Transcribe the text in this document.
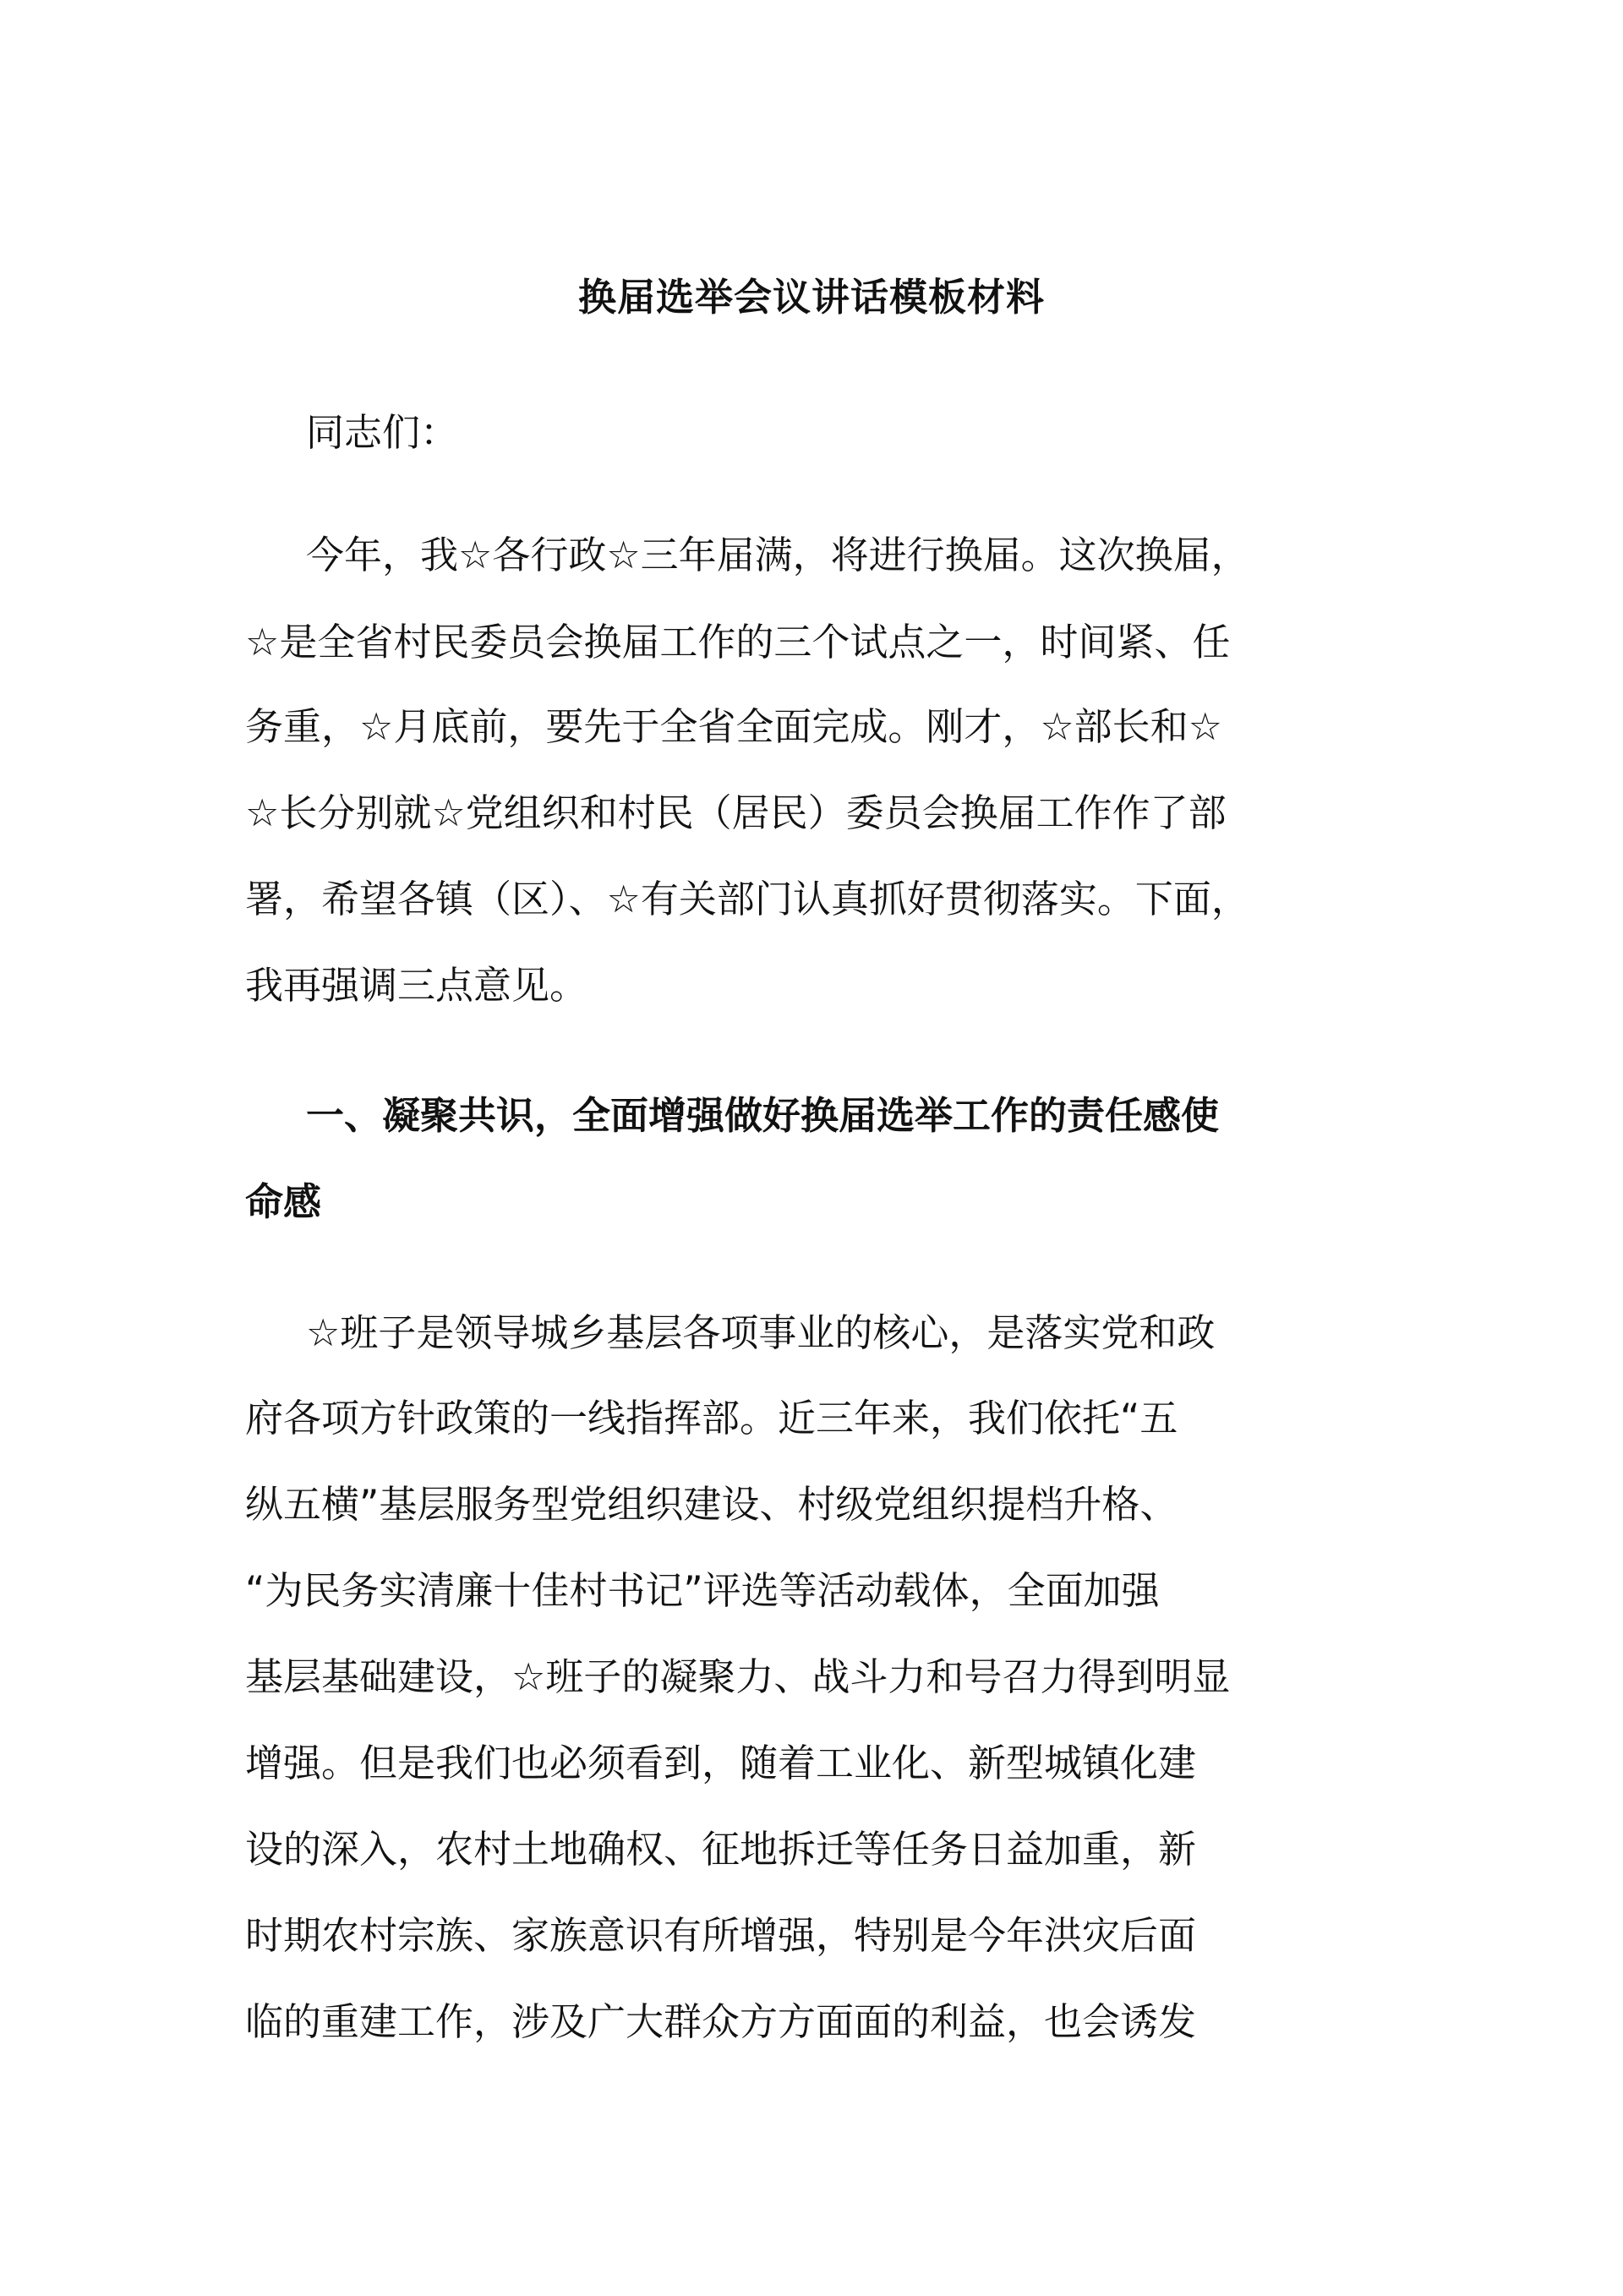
换届选举会议讲话模板材料

同志们：

今年，我☆各行政☆三年届满，将进行换届。这次换届，
☆是全省村民委员会换届工作的三个试点之一，时间紧、任
务重，☆月底前，要先于全省全面完成。刚才，☆部长和☆
☆长分别就☆党组织和村民（居民）委员会换届工作作了部
署，希望各镇（区）、☆有关部门认真抓好贯彻落实。下面，
我再强调三点意见。
一、凝聚共识，全面增强做好换届选举工作的责任感使
命感
☆班子是领导城乡基层各项事业的核心，是落实党和政
府各项方针政策的一线指挥部。近三年来，我们依托“五
纵五横”基层服务型党组织建设、村级党组织提档升格、
“为民务实清廉十佳村书记”评选等活动载体，全面加强
基层基础建设，☆班子的凝聚力、战斗力和号召力得到明显
增强。但是我们也必须看到，随着工业化、新型城镇化建
设的深入，农村土地确权、征地拆迁等任务日益加重，新
时期农村宗族、家族意识有所增强，特别是今年洪灾后面
临的重建工作，涉及广大群众方方面面的利益，也会诱发
